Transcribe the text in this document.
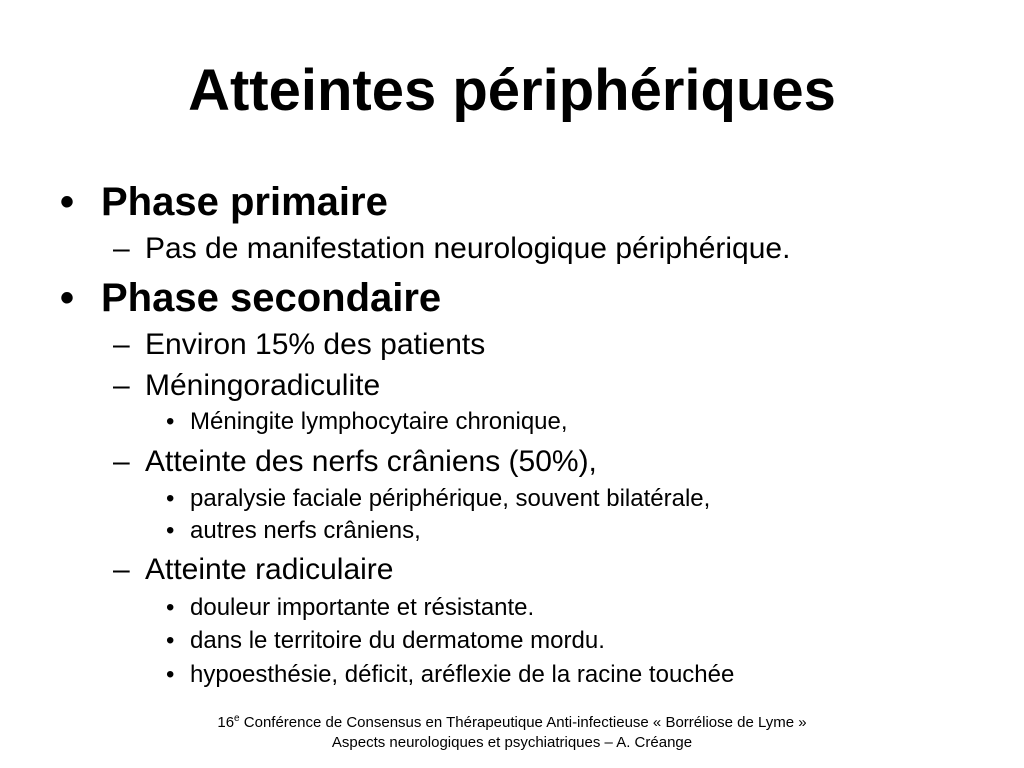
Atteintes périphériques
• Phase primaire
– Pas de manifestation neurologique périphérique.
• Phase secondaire
– Environ 15% des patients
– Méningoradiculite
• Méningite lymphocytaire chronique,
– Atteinte des nerfs crâniens (50%),
• paralysie faciale périphérique, souvent bilatérale,
• autres nerfs crâniens,
– Atteinte radiculaire
• douleur importante et résistante.
• dans le territoire du dermatome mordu.
• hypoesthésie, déficit, aréflexie de la racine touchée
16e Conférence de Consensus en Thérapeutique Anti-infectieuse « Borréliose de Lyme »
Aspects neurologiques et psychiatriques – A. Créange
